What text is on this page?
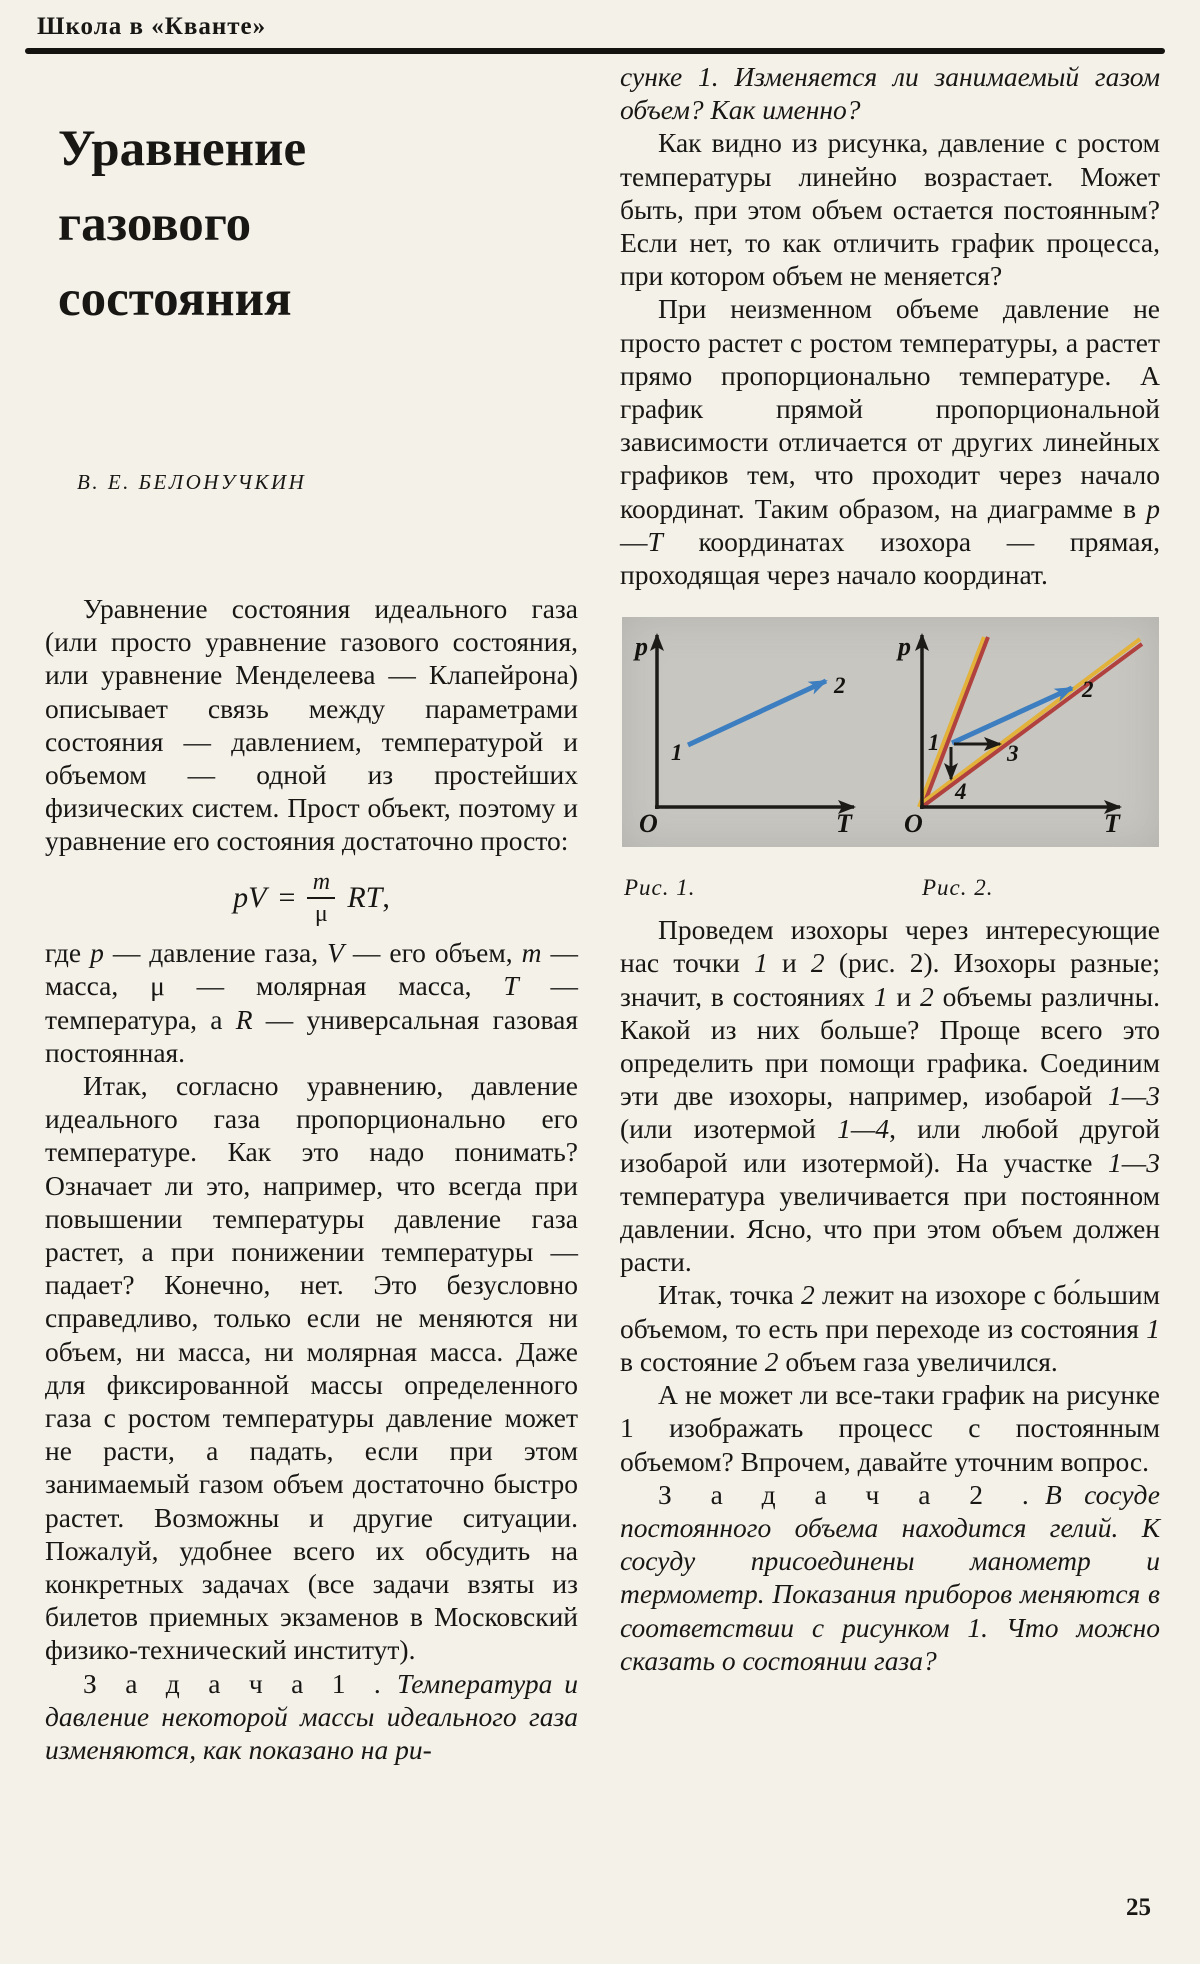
Школа в «Кванте»
Уравнение
газового
состояния
В. Е. БЕЛОНУЧКИН

Уравнение состояния идеального газа (или просто уравнение газового состояния, или уравнение Менделеева — Клапейрона) описывает связь между параметрами состояния — давлением, температурой и объемом — одной из простейших физических систем. Прост объект, поэтому и уравнение его состояния достаточно просто:

pV = $\frac{m}{\mu}$ RT ,

где p — давление газа, V — его объем, m — масса, μ — молярная масса, T — температура, а R — универсальная газовая постоянная.

Итак, согласно уравнению, давление идеального газа пропорционально его температуре. Как это надо понимать? Означает ли это, например, что всегда при повышении температуры давление газа растет, а при понижении температуры — падает? Конечно, нет. Это безусловно справедливо, только если не меняются ни объем, ни масса, ни молярная масса. Даже для фиксированной массы определенного газа с ростом температуры давление может не расти, а падать, если при этом занимаемый газом объем достаточно быстро растет. Возможны и другие ситуации. Пожалуй, удобнее всего их обсудить на конкретных задачах (все задачи взяты из билетов приемных экзаменов в Московский физико-технический институт).

З а д а ч а 1 . Температура и давление некоторой массы идеального газа изменяются, как показано на ри-

сунке 1. Изменяется ли занимаемый газом объем? Как именно?

Как видно из рисунка, давление с ростом температуры линейно возрастает. Может быть, при этом объем остается постоянным? Если нет, то как отличить график процесса, при котором объем не меняется?

При неизменном объеме давление не просто растет с ростом температуры, а растет прямо пропорционально температуре. А график прямой пропорциональной зависимости отличается от других линейных графиков тем, что проходит через начало координат. Таким образом, на диаграмме в p—T координатах изохора — прямая, проходящая через начало координат.

p
T
O
1
2
p
T
O
1
2
3
4
Рис. 1.	Рис. 2.

Проведем изохоры через интересующие нас точки 1 и 2 (рис. 2). Изохоры разные; значит, в состояниях 1 и 2 объемы различны. Какой из них больше? Проще всего это определить при помощи графика. Соединим эти две изохоры, например, изобарой 1—3 (или изотермой 1—4, или любой другой изобарой или изотермой). На участке 1—3 температура увеличивается при постоянном давлении. Ясно, что при этом объем должен расти.

Итак, точка 2 лежит на изохоре с бо́льшим объемом, то есть при переходе из состояния 1 в состояние 2 объем газа увеличился.

А не может ли все-таки график на рисунке 1 изображать процесс с постоянным объемом? Впрочем, давайте уточним вопрос.

З а д а ч а 2 . В сосуде постоянного объема находится гелий. К сосуду присоединены манометр и термометр. Показания приборов меняются в соответствии с рисунком 1. Что можно сказать о состоянии газа?

25
